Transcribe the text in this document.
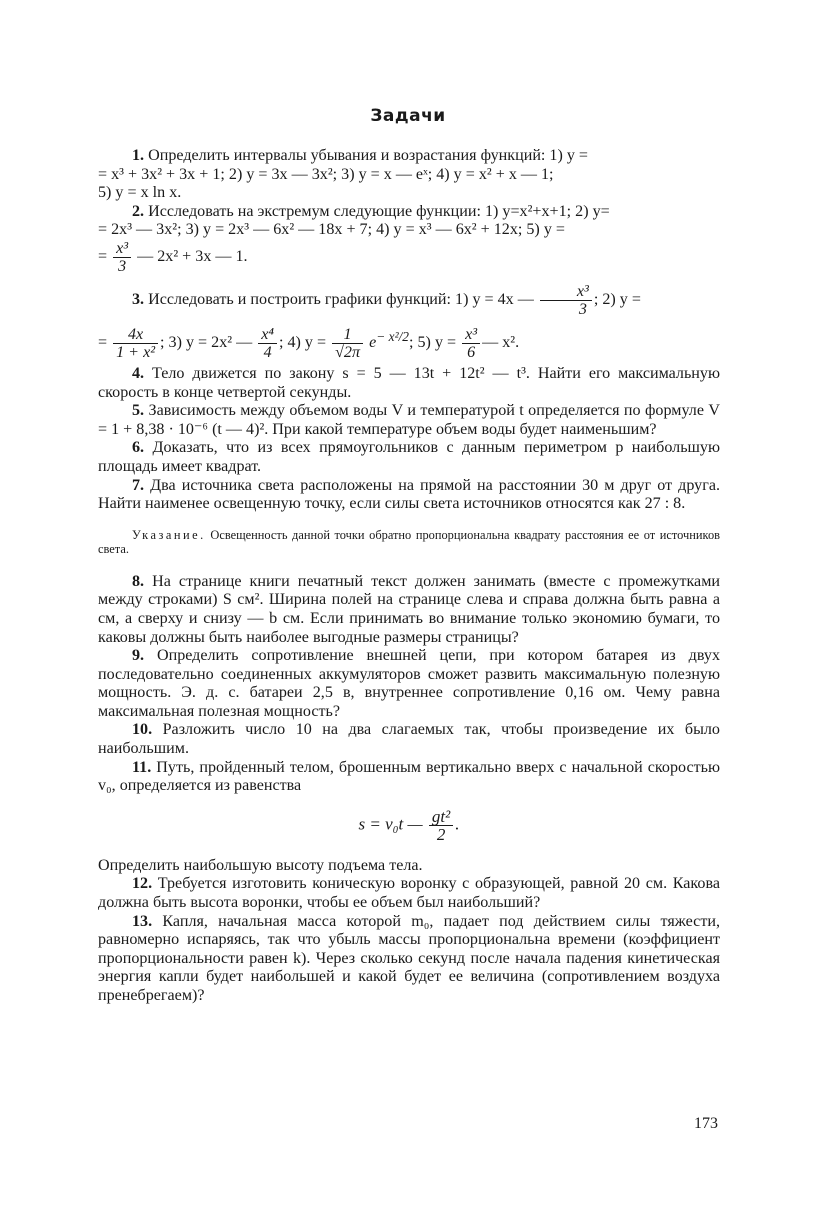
Задачи
1. Определить интервалы убывания и возрастания функций: 1) y =
= x³ + 3x² + 3x + 1; 2) y = 3x — 3x²; 3) y = x — eˣ; 4) y = x² + x — 1;
5) y = x ln x.
2. Исследовать на экстремум следующие функции: 1) y=x²+x+1; 2) y=
= 2x³ — 3x²; 3) y = 2x³ — 6x² — 18x + 7; 4) y = x³ — 6x² + 12x; 5) y =
= $\frac{\text{x³}}{3}$ — 2x² + 3x — 1.
3. Исследовать и построить графики функций: 1) y = 4x — $\frac{\text{x³}}{3}$ ; 2) y =
= $\frac{4x}{\text{1 + x²}}$ ; 3) y = 2x² — $\frac{\text{x⁴}}{4}$ ; 4) $y = \frac{1}{√2\pi} e^{- x^2/2}$; 5) $y = \frac{\text{x³}}{6}$ — x².
4. Тело движется по закону s = 5 — 13t + 12t² — t³. Найти его максимальную скорость в конце четвертой секунды.
5. Зависимость между объемом воды V и температурой t определяется по формуле V = 1 + 8,38 · 10⁻⁶ (t — 4)². При какой температуре объем воды будет наименьшим?
6. Доказать, что из всех прямоугольников с данным периметром p наибольшую площадь имеет квадрат.
7. Два источника света расположены на прямой на расстоянии 30 м друг от друга. Найти наименее освещенную точку, если силы света источников относятся как 27 : 8.
Указание. Освещенность данной точки обратно пропорциональна квадрату расстояния ее от источников света.
8. На странице книги печатный текст должен занимать (вместе с промежутками между строками) S см². Ширина полей на странице слева и справа должна быть равна a см, а сверху и снизу — b см. Если принимать во внимание только экономию бумаги, то каковы должны быть наиболее выгодные размеры страницы?
9. Определить сопротивление внешней цепи, при котором батарея из двух последовательно соединенных аккумуляторов сможет развить максимальную полезную мощность. Э. д. с. батареи 2,5 в, внутреннее сопротивление 0,16 ом. Чему равна максимальная полезная мощность?
10. Разложить число 10 на два слагаемых так, чтобы произведение их было наибольшим.
11. Путь, пройденный телом, брошенным вертикально вверх с начальной скоростью v₀, определяется из равенства
s = v₀t — $\frac{\text{gt²}}{2}$ .
Определить наибольшую высоту подъема тела.
12. Требуется изготовить коническую воронку с образующей, равной 20 см. Какова должна быть высота воронки, чтобы ее объем был наибольший?
13. Капля, начальная масса которой m₀, падает под действием силы тяжести, равномерно испаряясь, так что убыль массы пропорциональна времени (коэффициент пропорциональности равен k). Через сколько секунд после начала падения кинетическая энергия капли будет наибольшей и какой будет ее величина (сопротивлением воздуха пренебрегаем)?
173
